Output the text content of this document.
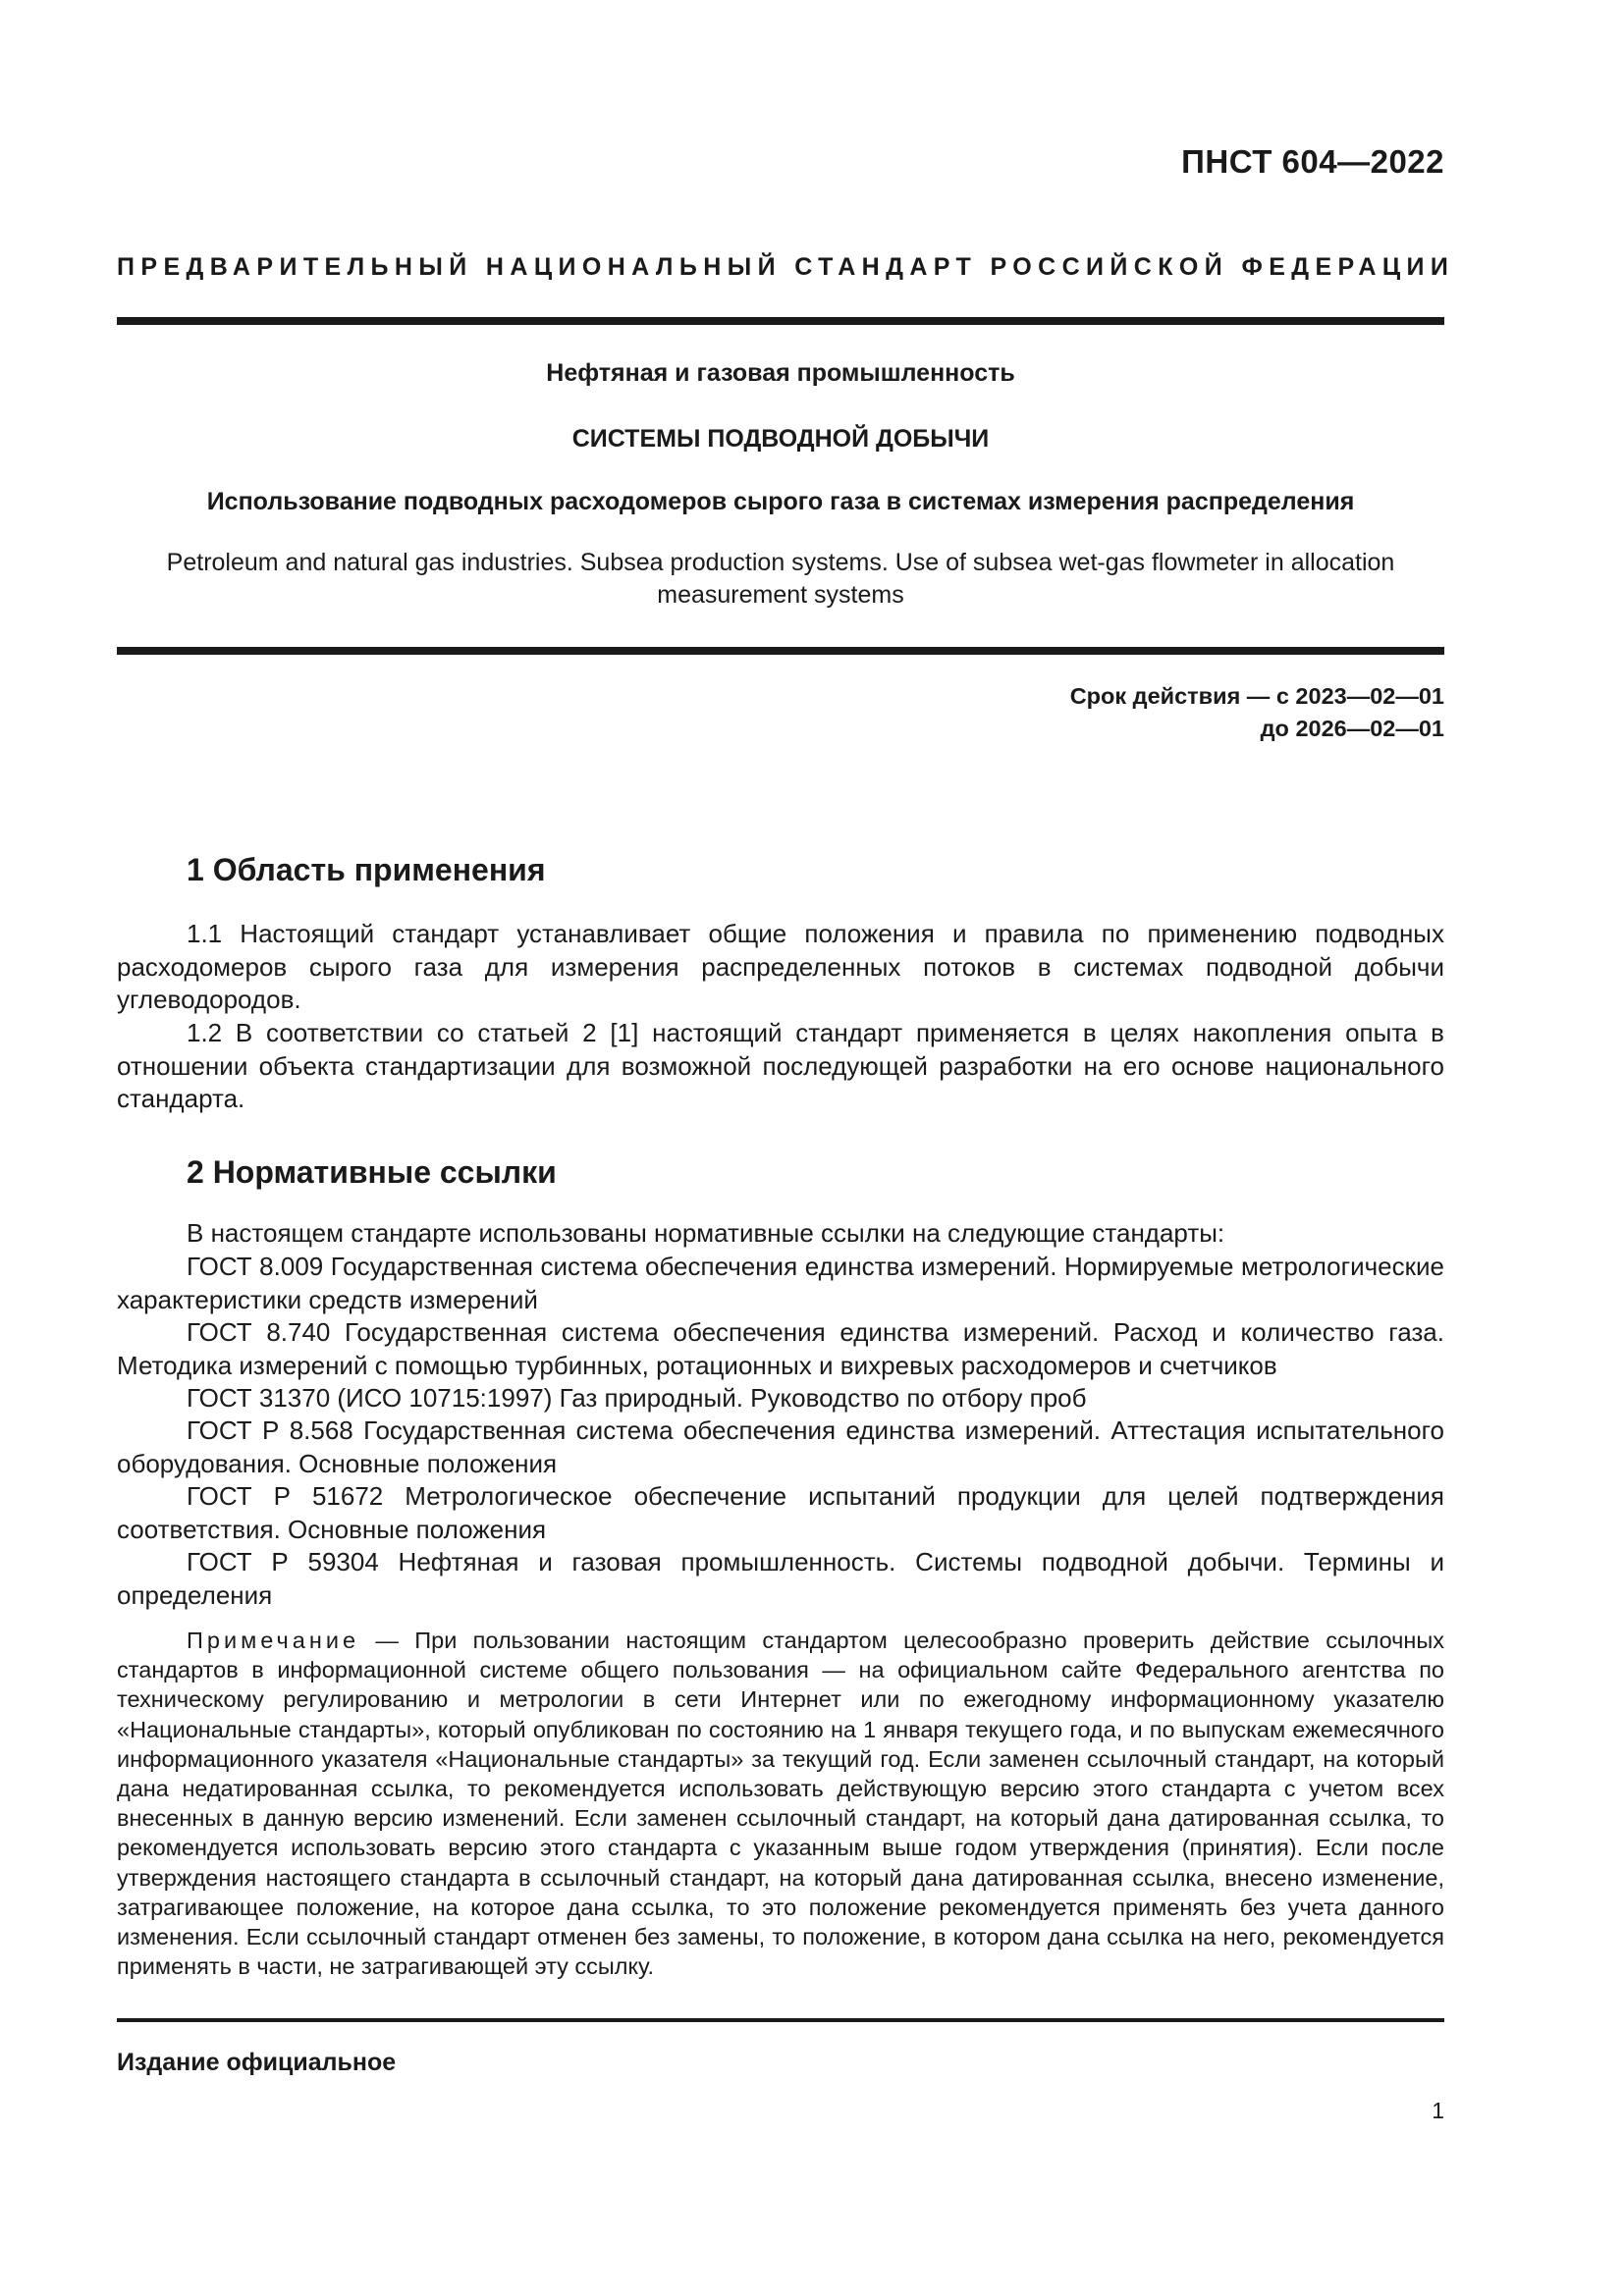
ПНСТ 604—2022
ПРЕДВАРИТЕЛЬНЫЙ НАЦИОНАЛЬНЫЙ СТАНДАРТ РОССИЙСКОЙ ФЕДЕРАЦИИ
Нефтяная и газовая промышленность
СИСТЕМЫ ПОДВОДНОЙ ДОБЫЧИ
Использование подводных расходомеров сырого газа в системах измерения распределения
Petroleum and natural gas industries. Subsea production systems. Use of subsea wet-gas flowmeter in allocation
measurement systems
Срок действия — с 2023—02—01
до 2026—02—01
1 Область применения

1.1 Настоящий стандарт устанавливает общие положения и правила по применению подводных расходомеров сырого газа для измерения распределенных потоков в системах подводной добычи углеводородов.

1.2 В соответствии со статьей 2 [1] настоящий стандарт применяется в целях накопления опыта в отношении объекта стандартизации для возможной последующей разработки на его основе национального стандарта.

2 Нормативные ссылки

В настоящем стандарте использованы нормативные ссылки на следующие стандарты:

ГОСТ 8.009 Государственная система обеспечения единства измерений. Нормируемые метрологические характеристики средств измерений

ГОСТ 8.740 Государственная система обеспечения единства измерений. Расход и количество газа. Методика измерений с помощью турбинных, ротационных и вихревых расходомеров и счетчиков

ГОСТ 31370 (ИСО 10715:1997) Газ природный. Руководство по отбору проб

ГОСТ Р 8.568 Государственная система обеспечения единства измерений. Аттестация испытательного оборудования. Основные положения

ГОСТ Р 51672 Метрологическое обеспечение испытаний продукции для целей подтверждения соответствия. Основные положения

ГОСТ Р 59304 Нефтяная и газовая промышленность. Системы подводной добычи. Термины и определения

Примечание — При пользовании настоящим стандартом целесообразно проверить действие ссылочных стандартов в информационной системе общего пользования — на официальном сайте Федерального агентства по техническому регулированию и метрологии в сети Интернет или по ежегодному информационному указателю «Национальные стандарты», который опубликован по состоянию на 1 января текущего года, и по выпускам ежемесячного информационного указателя «Национальные стандарты» за текущий год. Если заменен ссылочный стандарт, на который дана недатированная ссылка, то рекомендуется использовать действующую версию этого стандарта с учетом всех внесенных в данную версию изменений. Если заменен ссылочный стандарт, на который дана датированная ссылка, то рекомендуется использовать версию этого стандарта с указанным выше годом утверждения (принятия). Если после утверждения настоящего стандарта в ссылочный стандарт, на который дана датированная ссылка, внесено изменение, затрагивающее положение, на которое дана ссылка, то это положение рекомендуется применять без учета данного изменения. Если ссылочный стандарт отменен без замены, то положение, в котором дана ссылка на него, рекомендуется применять в части, не затрагивающей эту ссылку.

Издание официальное
1
